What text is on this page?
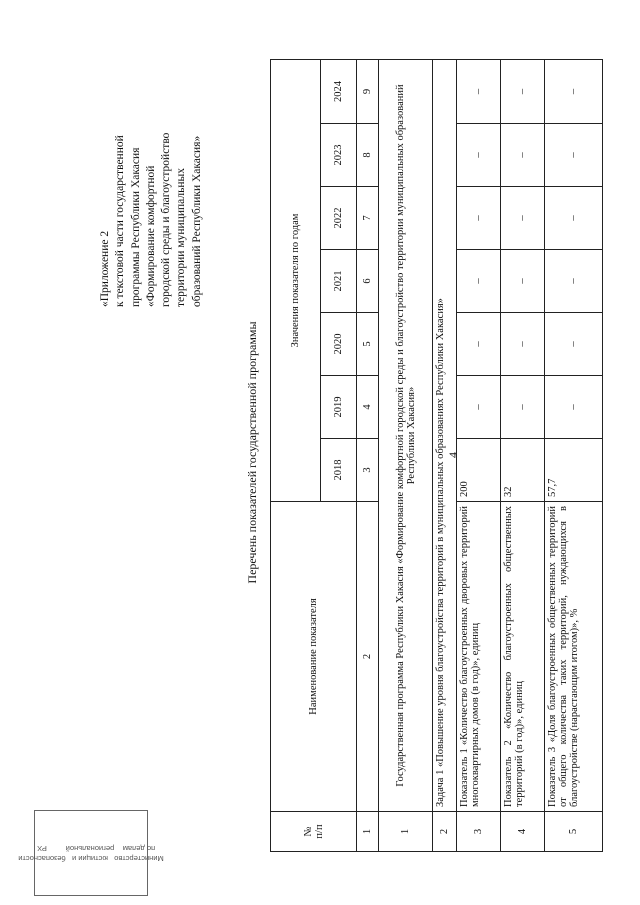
4
«Приложение 2 к текстовой части государственной программы Республики Хакасия «Формирование комфортной городской среды и благоустройство территории муниципальных образований Республики Хакасия»
Перечень показателей государственной программы
Министерство по делам

юстиции и региональной

безопасности РХ
№
п/п	Наименование показателя	Значения показателя по годам						
		2018	2019	2020	2021	2022	2023	2024
1	2	3	4	5	6	7	8	9
1	Государственная программа Республики Хакасия «Формирование комфортной городской среды и благоустройство территории муниципальных образований Республики Хакасия»							
2	Задача 1 «Повышение уровня благоустройства территорий в муниципальных образованиях Республики Хакасия»							
3	Показатель 1 «Количество благоустроенных дворовых территорий многоквартирных домов (в год)», единиц	200	–	–	–	–	–	–
4	Показатель 2 «Количество благоустроенных общественных территорий (в год)», единиц	32	–	–	–	–	–	–
5	Показатель 3 «Доля благоустроенных общественных территорий от общего количества таких территорий, нуждающихся в благоустройстве (нарастающим итогом)», %	57,7	–	–	–	–	–	–
